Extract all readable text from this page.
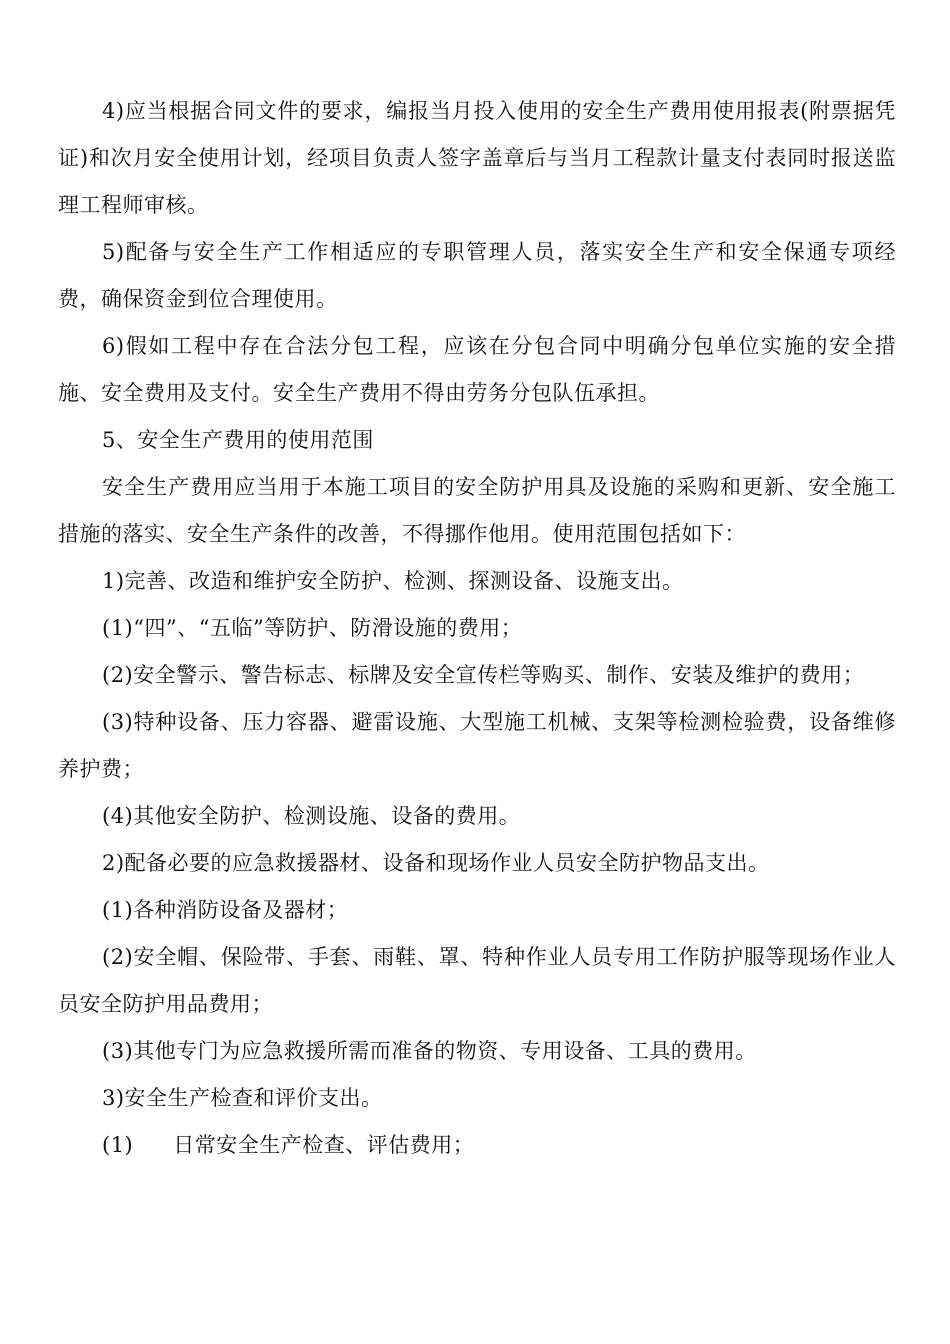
4)应当根据合同文件的要求，编报当月投入使用的安全生产费用使用报表(附票据凭证)和次月安全使用计划，经项目负责人签字盖章后与当月工程款计量支付表同时报送监理工程师审核。

5)配备与安全生产工作相适应的专职管理人员，落实安全生产和安全保通专项经费，确保资金到位合理使用。

6)假如工程中存在合法分包工程，应该在分包合同中明确分包单位实施的安全措施、安全费用及支付。安全生产费用不得由劳务分包队伍承担。

5、安全生产费用的使用范围

安全生产费用应当用于本施工项目的安全防护用具及设施的采购和更新、安全施工措施的落实、安全生产条件的改善，不得挪作他用。使用范围包括如下：

1)完善、改造和维护安全防护、检测、探测设备、设施支出。

(1)“四”、“五临”等防护、防滑设施的费用；

(2)安全警示、警告标志、标牌及安全宣传栏等购买、制作、安装及维护的费用；

(3)特种设备、压力容器、避雷设施、大型施工机械、支架等检测检验费，设备维修养护费；

(4)其他安全防护、检测设施、设备的费用。

2)配备必要的应急救援器材、设备和现场作业人员安全防护物品支出。

(1)各种消防设备及器材；

(2)安全帽、保险带、手套、雨鞋、罩、特种作业人员专用工作防护服等现场作业人员安全防护用品费用；

(3)其他专门为应急救援所需而准备的物资、专用设备、工具的费用。

3)安全生产检查和评价支出。

(1) 日常安全生产检查、评估费用；
